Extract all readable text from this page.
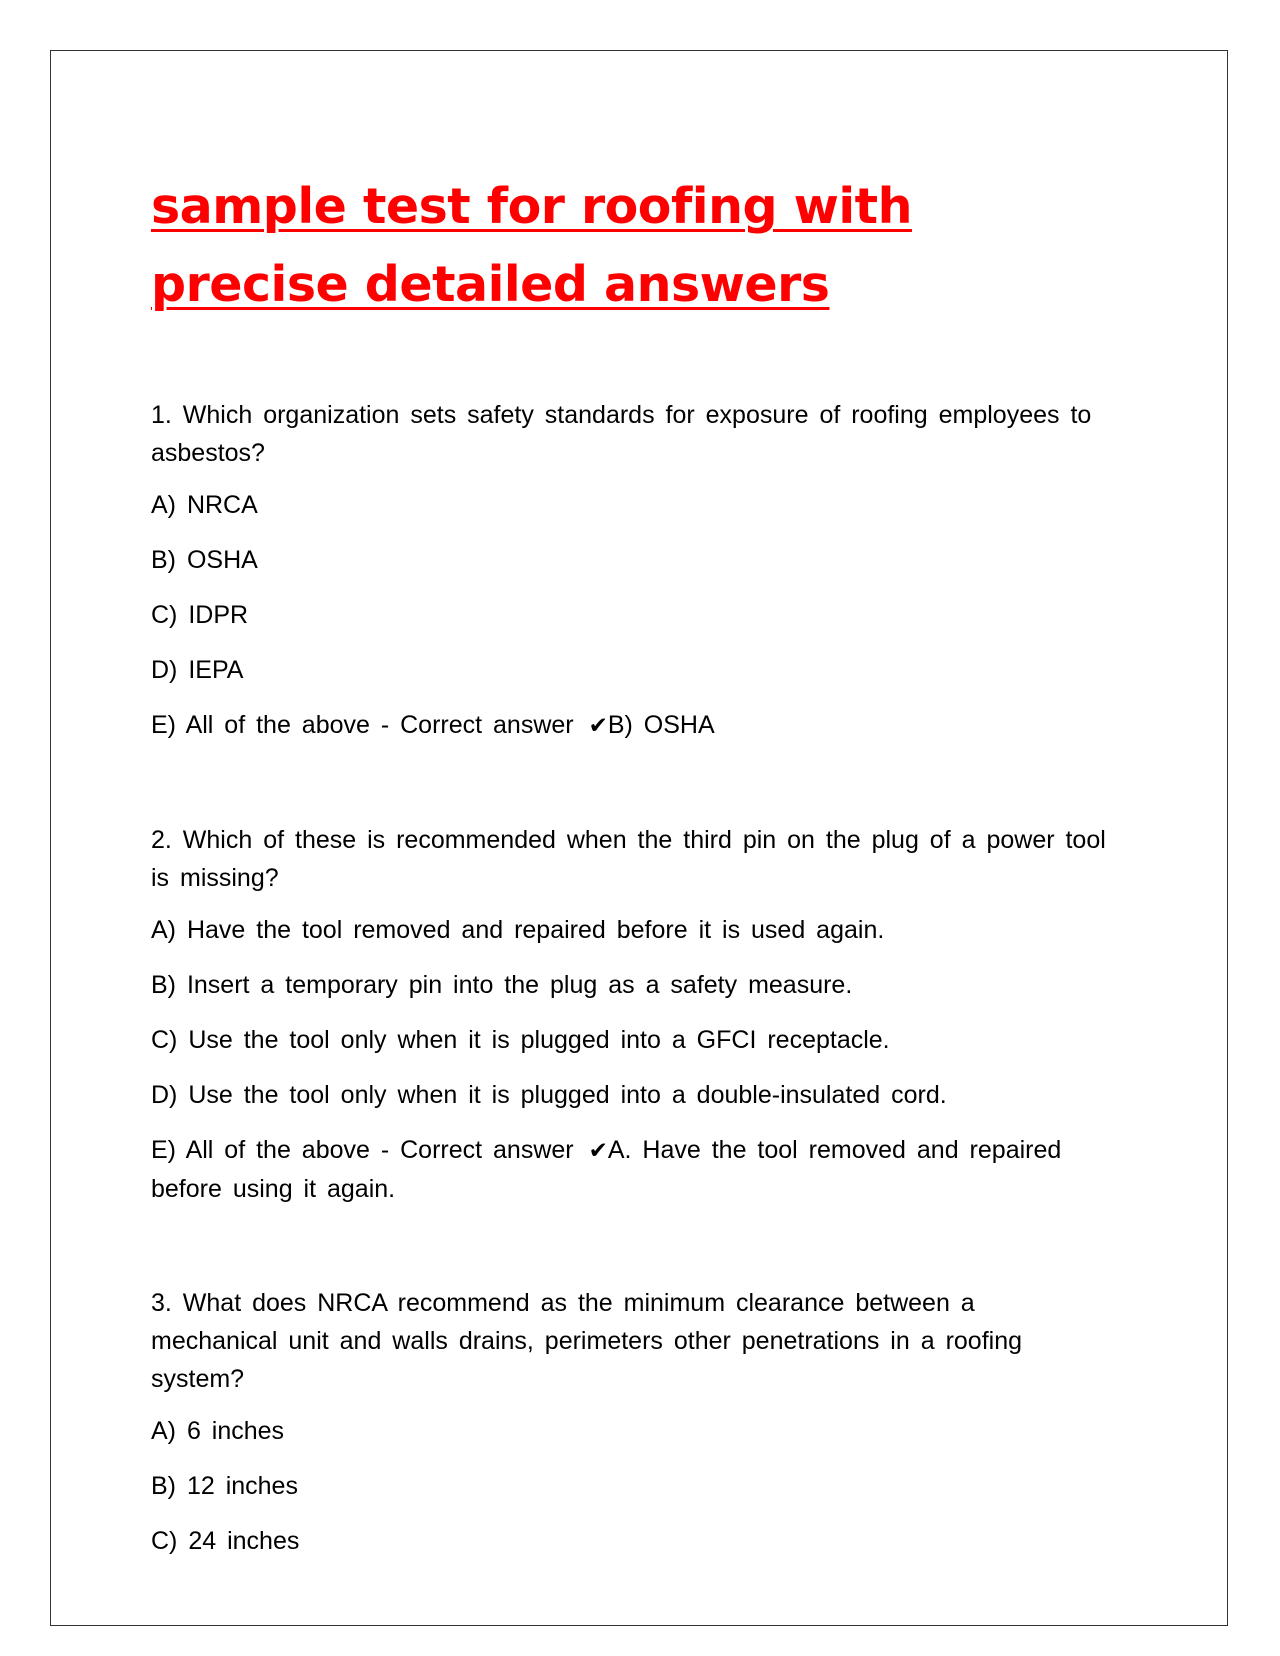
sample test for roofing with precise detailed answers

1. Which organization sets safety standards for exposure of roofing employees to asbestos?

A) NRCA

B) OSHA

C) IDPR

D) IEPA

E) All of the above - Correct answer ✔B) OSHA

2. Which of these is recommended when the third pin on the plug of a power tool is missing?

A) Have the tool removed and repaired before it is used again.

B) Insert a temporary pin into the plug as a safety measure.

C) Use the tool only when it is plugged into a GFCI receptacle.

D) Use the tool only when it is plugged into a double-insulated cord.

E) All of the above - Correct answer ✔A. Have the tool removed and repaired before using it again.

3. What does NRCA recommend as the minimum clearance between a mechanical unit and walls drains, perimeters other penetrations in a roofing system?

A) 6 inches

B) 12 inches

C) 24 inches
